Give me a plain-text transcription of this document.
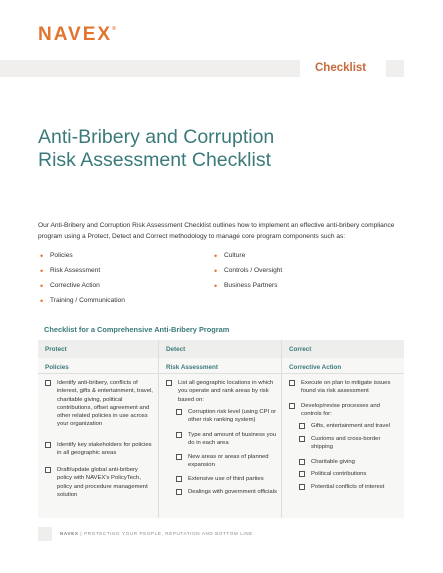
NAVEX®
Checklist
Anti-Bribery and Corruption
Risk Assessment Checklist

Our Anti-Bribery and Corruption Risk Assessment Checklist outlines how to implement an effective anti-bribery compliance program using a Protect, Detect and Correct methodology to manage core program components such as:

• Policies
• Risk Assessment
• Corrective Action
• Training / Communication
• Culture
• Controls / Oversight
• Business Partners
Checklist for a Comprehensive Anti-Bribery Program
Protect
Policies
Identify anti-bribery, conflicts of interest, gifts & entertainment, travel, charitable giving, political contributions, offset agreement and other related policies in use across your organization
Identify key stakeholders for policies in all geographic areas
Draft/update global anti-bribery policy with NAVEX's PolicyTech, policy and procedure management solution
Detect
Risk Assessment
List all geographic locations in which you operate and rank areas by risk based on:
Corruption risk level (using CPI or other risk ranking system)
Type and amount of business you do in each area
New areas or areas of planned expansion
Extensive use of third parties
Dealings with government officials
Correct
Corrective Action
Execute on plan to mitigate issues found via risk assessment
Develop/revise processes and controls for:
Gifts, entertainment and travel
Customs and cross-border shipping
Charitable giving
Political contributions
Potential conflicts of interest
NAVEX | PROTECTING YOUR PEOPLE, REPUTATION AND BOTTOM LINE
